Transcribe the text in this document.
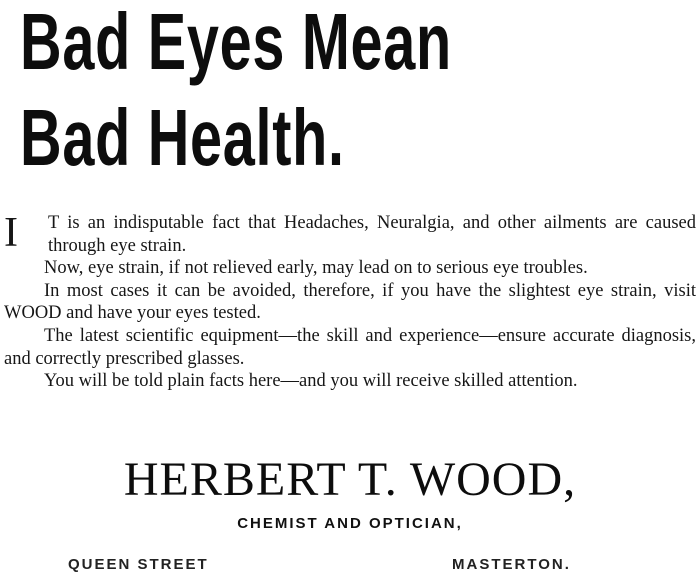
Bad Eyes Mean
Bad Health.

I T is an indisputable fact that Headaches, Neuralgia, and other ailments are caused through eye strain.

Now, eye strain, if not relieved early, may lead on to serious eye troubles.

In most cases it can be avoided, therefore, if you have the slightest eye strain, visit WOOD and have your eyes tested.

The latest scientific equipment—the skill and experience—ensure accurate diagnosis, and correctly prescribed glasses.

You will be told plain facts here—and you will receive skilled attention.

HERBERT T. WOOD,
CHEMIST AND OPTICIAN,
QUEEN STREET	MASTERTON.
